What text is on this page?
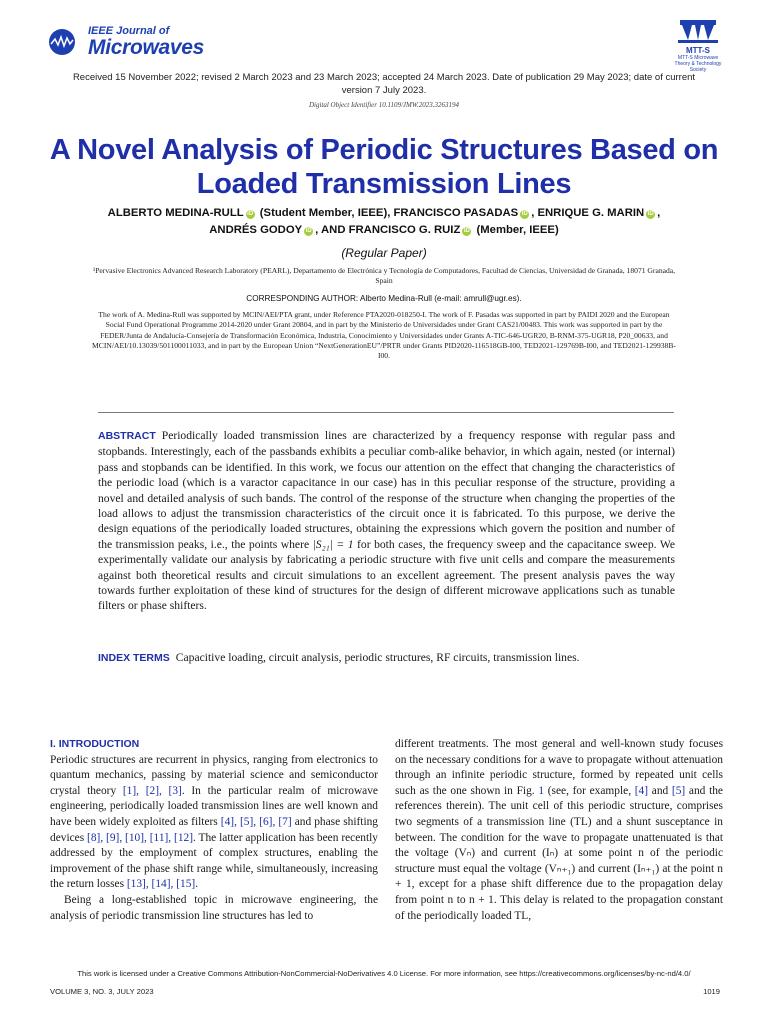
IEEE Journal of
Microwaves	MTT-S
MTT-S Microwave Theory & Technology Society
Received 15 November 2022; revised 2 March 2023 and 23 March 2023; accepted 24 March 2023. Date of publication 29 May 2023; date of current version 7 July 2023.
Digital Object Identifier 10.1109/JMW.2023.3263194
A Novel Analysis of Periodic Structures Based on Loaded Transmission Lines
ALBERTO MEDINA-RULL iD (Student Member, IEEE), FRANCISCO PASADAS iD , ENRIQUE G. MARIN iD ,
ANDRÉS GODOY iD , AND FRANCISCO G. RUIZ iD (Member, IEEE)
(Regular Paper)
¹Pervasive Electronics Advanced Research Laboratory (PEARL), Departamento de Electrónica y Tecnología de Computadores, Facultad de Ciencias, Universidad de Granada, 18071 Granada, Spain
CORRESPONDING AUTHOR: Alberto Medina-Rull (e-mail: amrull@ugr.es).
The work of A. Medina-Rull was supported by MCIN/AEI/PTA grant, under Reference PTA2020-018250-I. The work of F. Pasadas was supported in part by PAIDI 2020 and the European Social Fund Operational Programme 2014-2020 under Grant 20804, and in part by the Ministerio de Universidades under Grant CAS21/00483. This work was supported in part by the FEDER/Junta de Andalucía-Consejería de Transformación Económica, Industria, Conocimiento y Universidades under Grants A-TIC-646-UGR20, B-RNM-375-UGR18, P20_00633, and MCIN/AEI/10.13039/501100011033, and in part by the European Union “NextGenerationEU”/PRTR under Grants PID2020-116518GB-I00, TED2021-129769B-I00, and TED2021-129938B-I00.
ABSTRACT Periodically loaded transmission lines are characterized by a frequency response with regular pass and stopbands. Interestingly, each of the passbands exhibits a peculiar comb-alike behavior, in which again, nested (or internal) pass and stopbands can be identified. In this work, we focus our attention on the effect that changing the characteristics of the periodic load (which is a varactor capacitance in our case) has in this peculiar response of the structure, providing a novel and detailed analysis of such bands. The control of the response of the structure when changing the properties of the load allows to adjust the transmission characteristics of the circuit once it is fabricated. To this purpose, we derive the design equations of the periodically loaded structures, obtaining the expressions which govern the position and number of the transmission peaks, i.e., the points where |S₂₁| = 1 for both cases, the frequency sweep and the capacitance sweep. We experimentally validate our analysis by fabricating a periodic structure with five unit cells and compare the measurements against both theoretical results and circuit simulations to an excellent agreement. The present analysis paves the way towards further exploitation of these kind of structures for the design of different microwave applications such as tunable filters or phase shifters.
INDEX TERMS Capacitive loading, circuit analysis, periodic structures, RF circuits, transmission lines.
I. INTRODUCTION
Periodic structures are recurrent in physics, ranging from electronics to quantum mechanics, passing by material science and semiconductor crystal theory [1], [2], [3]. In the particular realm of microwave engineering, periodically loaded transmission lines are well known and have been widely exploited as filters [4], [5], [6], [7] and phase shifting devices [8], [9], [10], [11], [12]. The latter application has been recently addressed by the employment of complex structures, enabling the improvement of the phase shift range while, simultaneously, increasing the return losses [13], [14], [15].
Being a long-established topic in microwave engineering, the analysis of periodic transmission line structures has led to
different treatments. The most general and well-known study focuses on the necessary conditions for a wave to propagate without attenuation through an infinite periodic structure, formed by repeated unit cells such as the one shown in Fig. 1 (see, for example, [4] and [5] and the references therein). The unit cell of this periodic structure, comprises two segments of a transmission line (TL) and a shunt susceptance in between. The condition for the wave to propagate unattenuated is that the voltage (Vₙ) and current (Iₙ) at some point n of the periodic structure must equal the voltage (Vₙ₊₁) and current (Iₙ₊₁) at the point n + 1, except for a phase shift difference due to the propagation delay from point n to n + 1. This delay is related to the propagation constant of the periodically loaded TL,
This work is licensed under a Creative Commons Attribution-NonCommercial-NoDerivatives 4.0 License. For more information, see https://creativecommons.org/licenses/by-nc-nd/4.0/
VOLUME 3, NO. 3, JULY 2023	1019
